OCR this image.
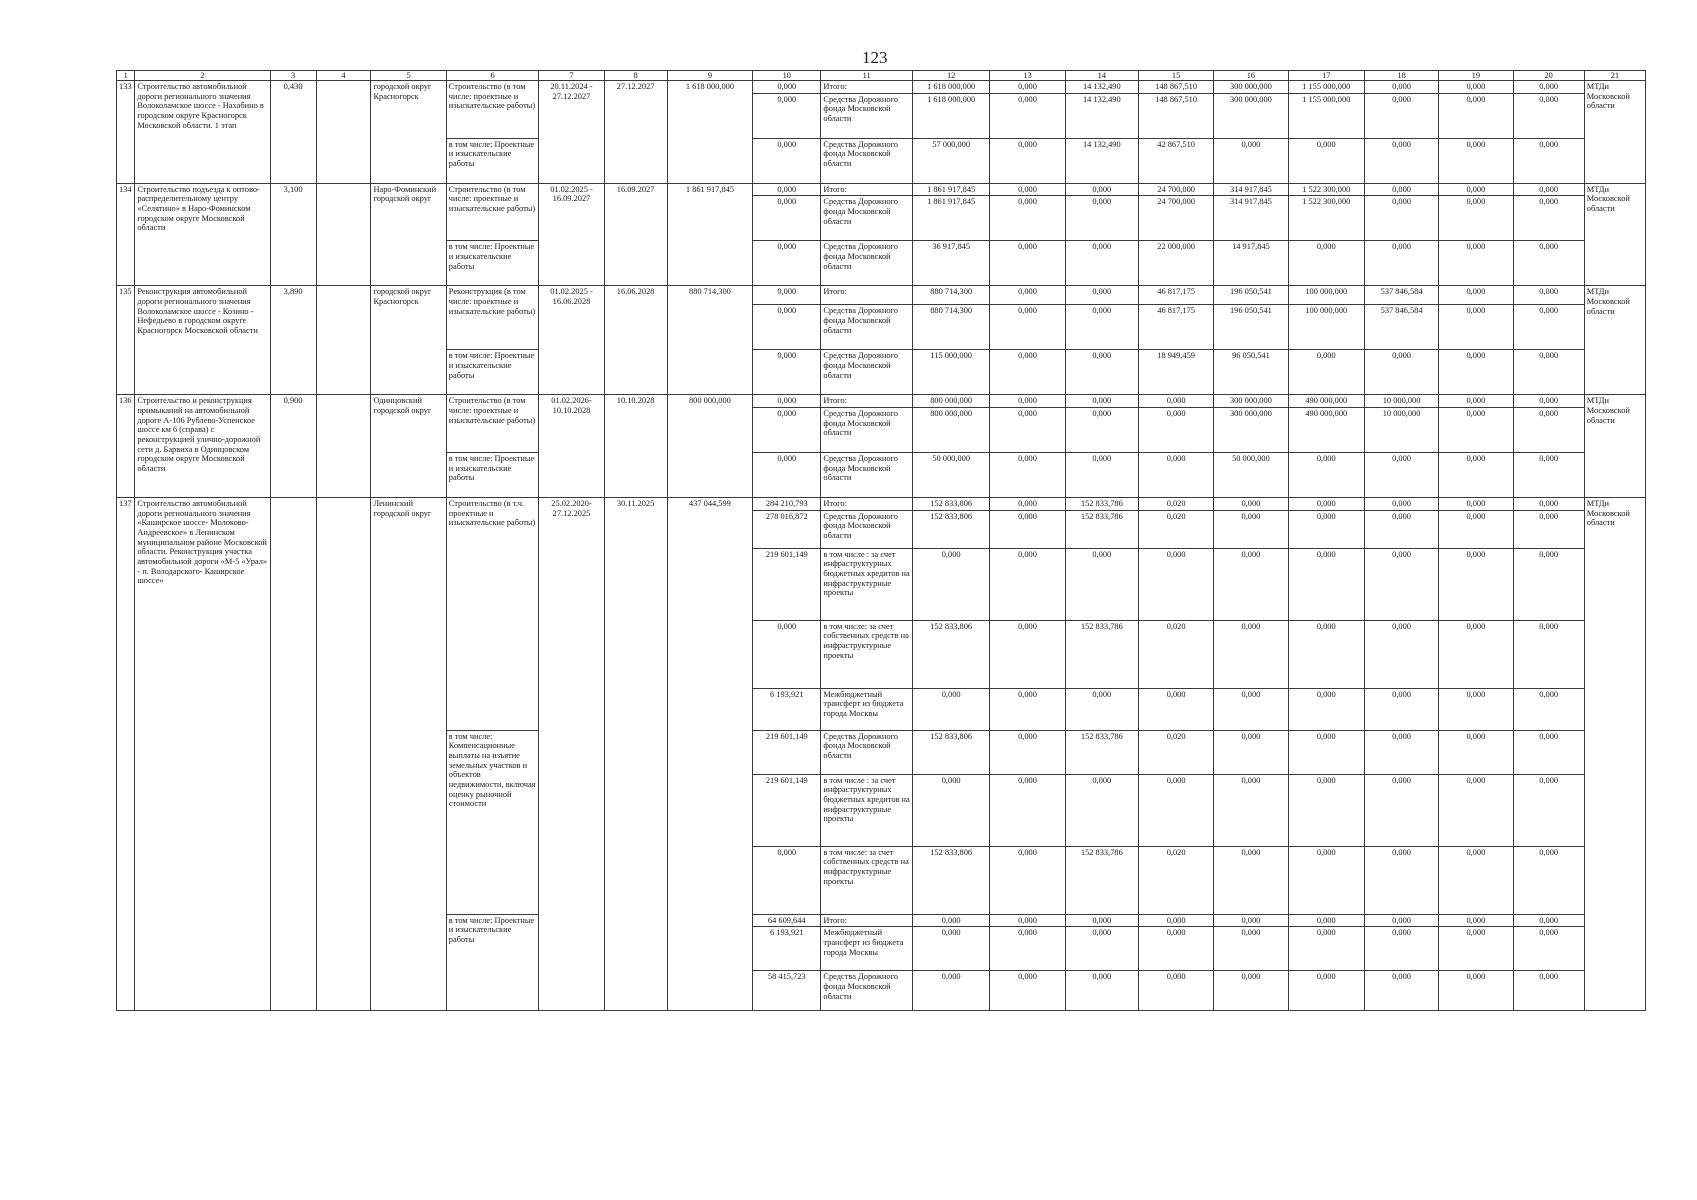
123
1	2	3	4	5	6	7	8	9	10	11	12	13	14	15	16	17	18	19	20	21
133	Строительство автомобильной дороги регионального значения Волоколамское шоссе - Нахабино в городском округе Красногорск Московской области. 1 этап	0,430		городской округ Красногорск	Строительство (в том числе: проектные и изыскательские работы)	20.11.2024 - 27.12.2027	27.12.2027	1 618 000,000	0,000	Итого:	1 618 000,000	0,000	14 132,490	148 867,510	300 000,000	1 155 000,000	0,000	0,000	0,000	МТДи Московской области
									0,000	Средства Дорожного фонда Московской области	1 618 000,000	0,000	14 132,490	148 867,510	300 000,000	1 155 000,000	0,000	0,000	0,000	
					в том числе: Проектные и изыскательские работы				0,000	Средства Дорожного фонда Московской области	57 000,000	0,000	14 132,490	42 867,510	0,000	0,000	0,000	0,000	0,000	
134	Строительство подъезда к оптово-распределительному центру «Селятино» в Наро-Фоминском городском округе Московской области	3,100		Наро-Фоминский городской округ	Строительство (в том числе: проектные и изыскательские работы)	01.02.2025 - 16.09.2027	16.09.2027	1 861 917,845	0,000	Итого:	1 861 917,845	0,000	0,000	24 700,000	314 917,845	1 522 300,000	0,000	0,000	0,000	МТДи Московской области
									0,000	Средства Дорожного фонда Московской области	1 861 917,845	0,000	0,000	24 700,000	314 917,845	1 522 300,000	0,000	0,000	0,000	
					в том числе: Проектные и изыскательские работы				0,000	Средства Дорожного фонда Московской области	36 917,845	0,000	0,000	22 000,000	14 917,845	0,000	0,000	0,000	0,000	
135	Реконструкция автомобильной дороги регионального значения Волоколамское шоссе - Козино - Нефедьево в городском округе Красногорск Московской области	3,890		городской округ Красногорск	Реконструкция (в том числе: проектные и изыскательские работы)	01.02.2025 - 16.06.2028	16.06.2028	880 714,300	0,000	Итого:	880 714,300	0,000	0,000	46 817,175	196 050,541	100 000,000	537 846,584	0,000	0,000	МТДи Московской области
									0,000	Средства Дорожного фонда Московской области	880 714,300	0,000	0,000	46 817,175	196 050,541	100 000,000	537 846,584	0,000	0,000	
					в том числе: Проектные и изыскательские работы				0,000	Средства Дорожного фонда Московской области	115 000,000	0,000	0,000	18 949,459	96 050,541	0,000	0,000	0,000	0,000	
136	Строительство и реконструкция примыканий на автомобильной дороге А-106 Рублево-Успенское шоссе км 6 (справа) с реконструкцией улично-дорожной сети д. Барвиха в Одинцовском городском округе Московской области	0,900		Одинцовский городской округ	Строительство (в том числе: проектные и изыскательские работы)	01.02.2026- 10.10.2028	10.10.2028	800 000,000	0,000	Итого:	800 000,000	0,000	0,000	0,000	300 000,000	490 000,000	10 000,000	0,000	0,000	МТДи Московской области
									0,000	Средства Дорожного фонда Московской области	800 000,000	0,000	0,000	0,000	300 000,000	490 000,000	10 000,000	0,000	0,000	
					в том числе: Проектные и изыскательские работы				0,000	Средства Дорожного фонда Московской области	50 000,000	0,000	0,000	0,000	50 000,000	0,000	0,000	0,000	0,000	
137	Строительство автомобильной дороги регионального значения «Каширское шоссе- Молоково- Андреевское» в Ленинском муниципальном районе Московской области. Реконструкция участка автомобильной дороги «М-5 «Урал» - п. Володарского- Каширское шоссе»			Ленинский городской округ	Строительство (в т.ч. проектные и изыскательские работы)	25.02.2020- 27.12.2025	30.11.2025	437 044,599	284 210,793	Итого:	152 833,806	0,000	152 833,786	0,020	0,000	0,000	0,000	0,000	0,000	МТДи Московской области
									278 016,872	Средства Дорожного фонда Московской области	152 833,806	0,000	152 833,786	0,020	0,000	0,000	0,000	0,000	0,000	
									219 601,149	в том числе : за счет инфраструктурных бюджетных кредитов на инфраструктурные проекты	0,000	0,000	0,000	0,000	0,000	0,000	0,000	0,000	0,000	
									0,000	в том числе: за счет собственных средств на инфраструктурные проекты	152 833,806	0,000	152 833,786	0,020	0,000	0,000	0,000	0,000	0,000	
									6 193,921	Межбюджетный трансферт из бюджета города Москвы	0,000	0,000	0,000	0,000	0,000	0,000	0,000	0,000	0,000	
					в том числе: Компенсационные выплаты на изъятие земельных участков и объектов недвижимости, включая оценку рыночной стоимости				219 601,149	Средства Дорожного фонда Московской области	152 833,806	0,000	152 833,786	0,020	0,000	0,000	0,000	0,000	0,000	
									219 601,149	в том числе : за счет инфраструктурных бюджетных кредитов на инфраструктурные проекты	0,000	0,000	0,000	0,000	0,000	0,000	0,000	0,000	0,000	
									0,000	в том числе: за счет собственных средств на инфраструктурные проекты	152 833,806	0,000	152 833,786	0,020	0,000	0,000	0,000	0,000	0,000	
					в том числе: Проектные и изыскательские работы				64 609,644	Итого:	0,000	0,000	0,000	0,000	0,000	0,000	0,000	0,000	0,000	
									6 193,921	Межбюджетный трансферт из бюджета города Москвы	0,000	0,000	0,000	0,000	0,000	0,000	0,000	0,000	0,000	
									58 415,723	Средства Дорожного фонда Московской области	0,000	0,000	0,000	0,000	0,000	0,000	0,000	0,000	0,000	
